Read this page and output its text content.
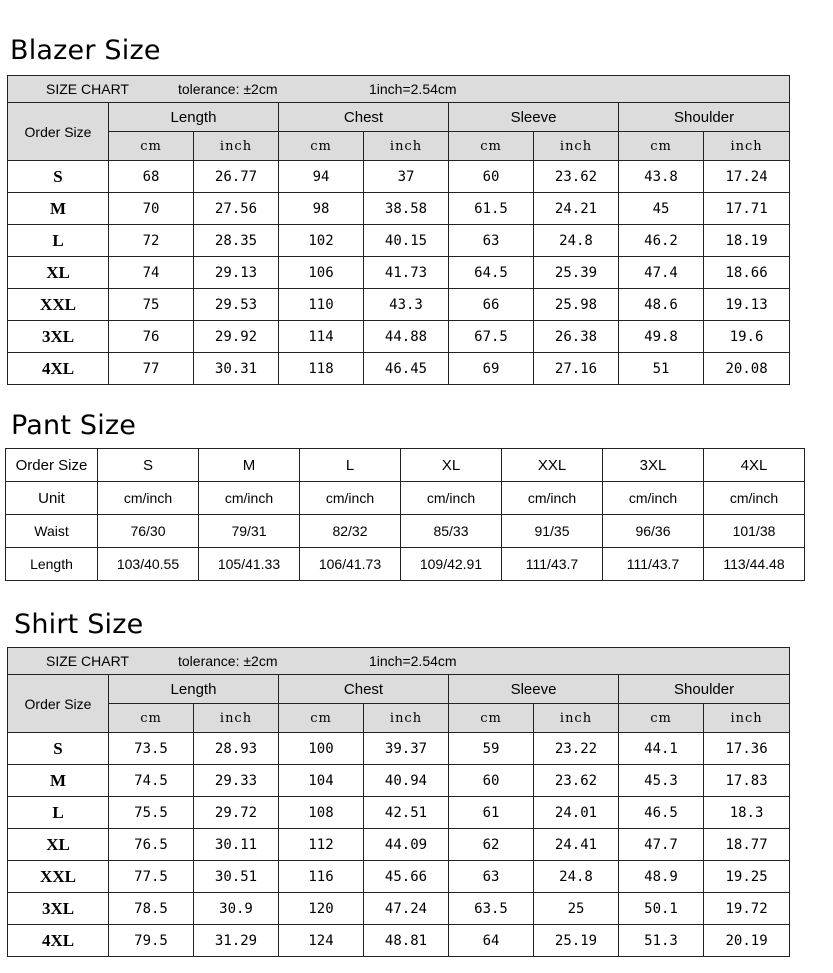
Blazer Size
SIZE CHART tolerance: ±2cm 1inch=2.54cm								
Order Size	Length		Chest		Sleeve		Shoulder	
	cm	inch	cm	inch	cm	inch	cm	inch
S	68	26.77	94	37	60	23.62	43.8	17.24
M	70	27.56	98	38.58	61.5	24.21	45	17.71
L	72	28.35	102	40.15	63	24.8	46.2	18.19
XL	74	29.13	106	41.73	64.5	25.39	47.4	18.66
XXL	75	29.53	110	43.3	66	25.98	48.6	19.13
3XL	76	29.92	114	44.88	67.5	26.38	49.8	19.6
4XL	77	30.31	118	46.45	69	27.16	51	20.08
Pant Size
Order Size	S	M	L	XL	XXL	3XL	4XL
Unit	cm/inch	cm/inch	cm/inch	cm/inch	cm/inch	cm/inch	cm/inch
Waist	76/30	79/31	82/32	85/33	91/35	96/36	101/38
Length	103/40.55	105/41.33	106/41.73	109/42.91	111/43.7	111/43.7	113/44.48
Shirt Size
SIZE CHART tolerance: ±2cm 1inch=2.54cm								
Order Size	Length		Chest		Sleeve		Shoulder	
	cm	inch	cm	inch	cm	inch	cm	inch
S	73.5	28.93	100	39.37	59	23.22	44.1	17.36
M	74.5	29.33	104	40.94	60	23.62	45.3	17.83
L	75.5	29.72	108	42.51	61	24.01	46.5	18.3
XL	76.5	30.11	112	44.09	62	24.41	47.7	18.77
XXL	77.5	30.51	116	45.66	63	24.8	48.9	19.25
3XL	78.5	30.9	120	47.24	63.5	25	50.1	19.72
4XL	79.5	31.29	124	48.81	64	25.19	51.3	20.19
